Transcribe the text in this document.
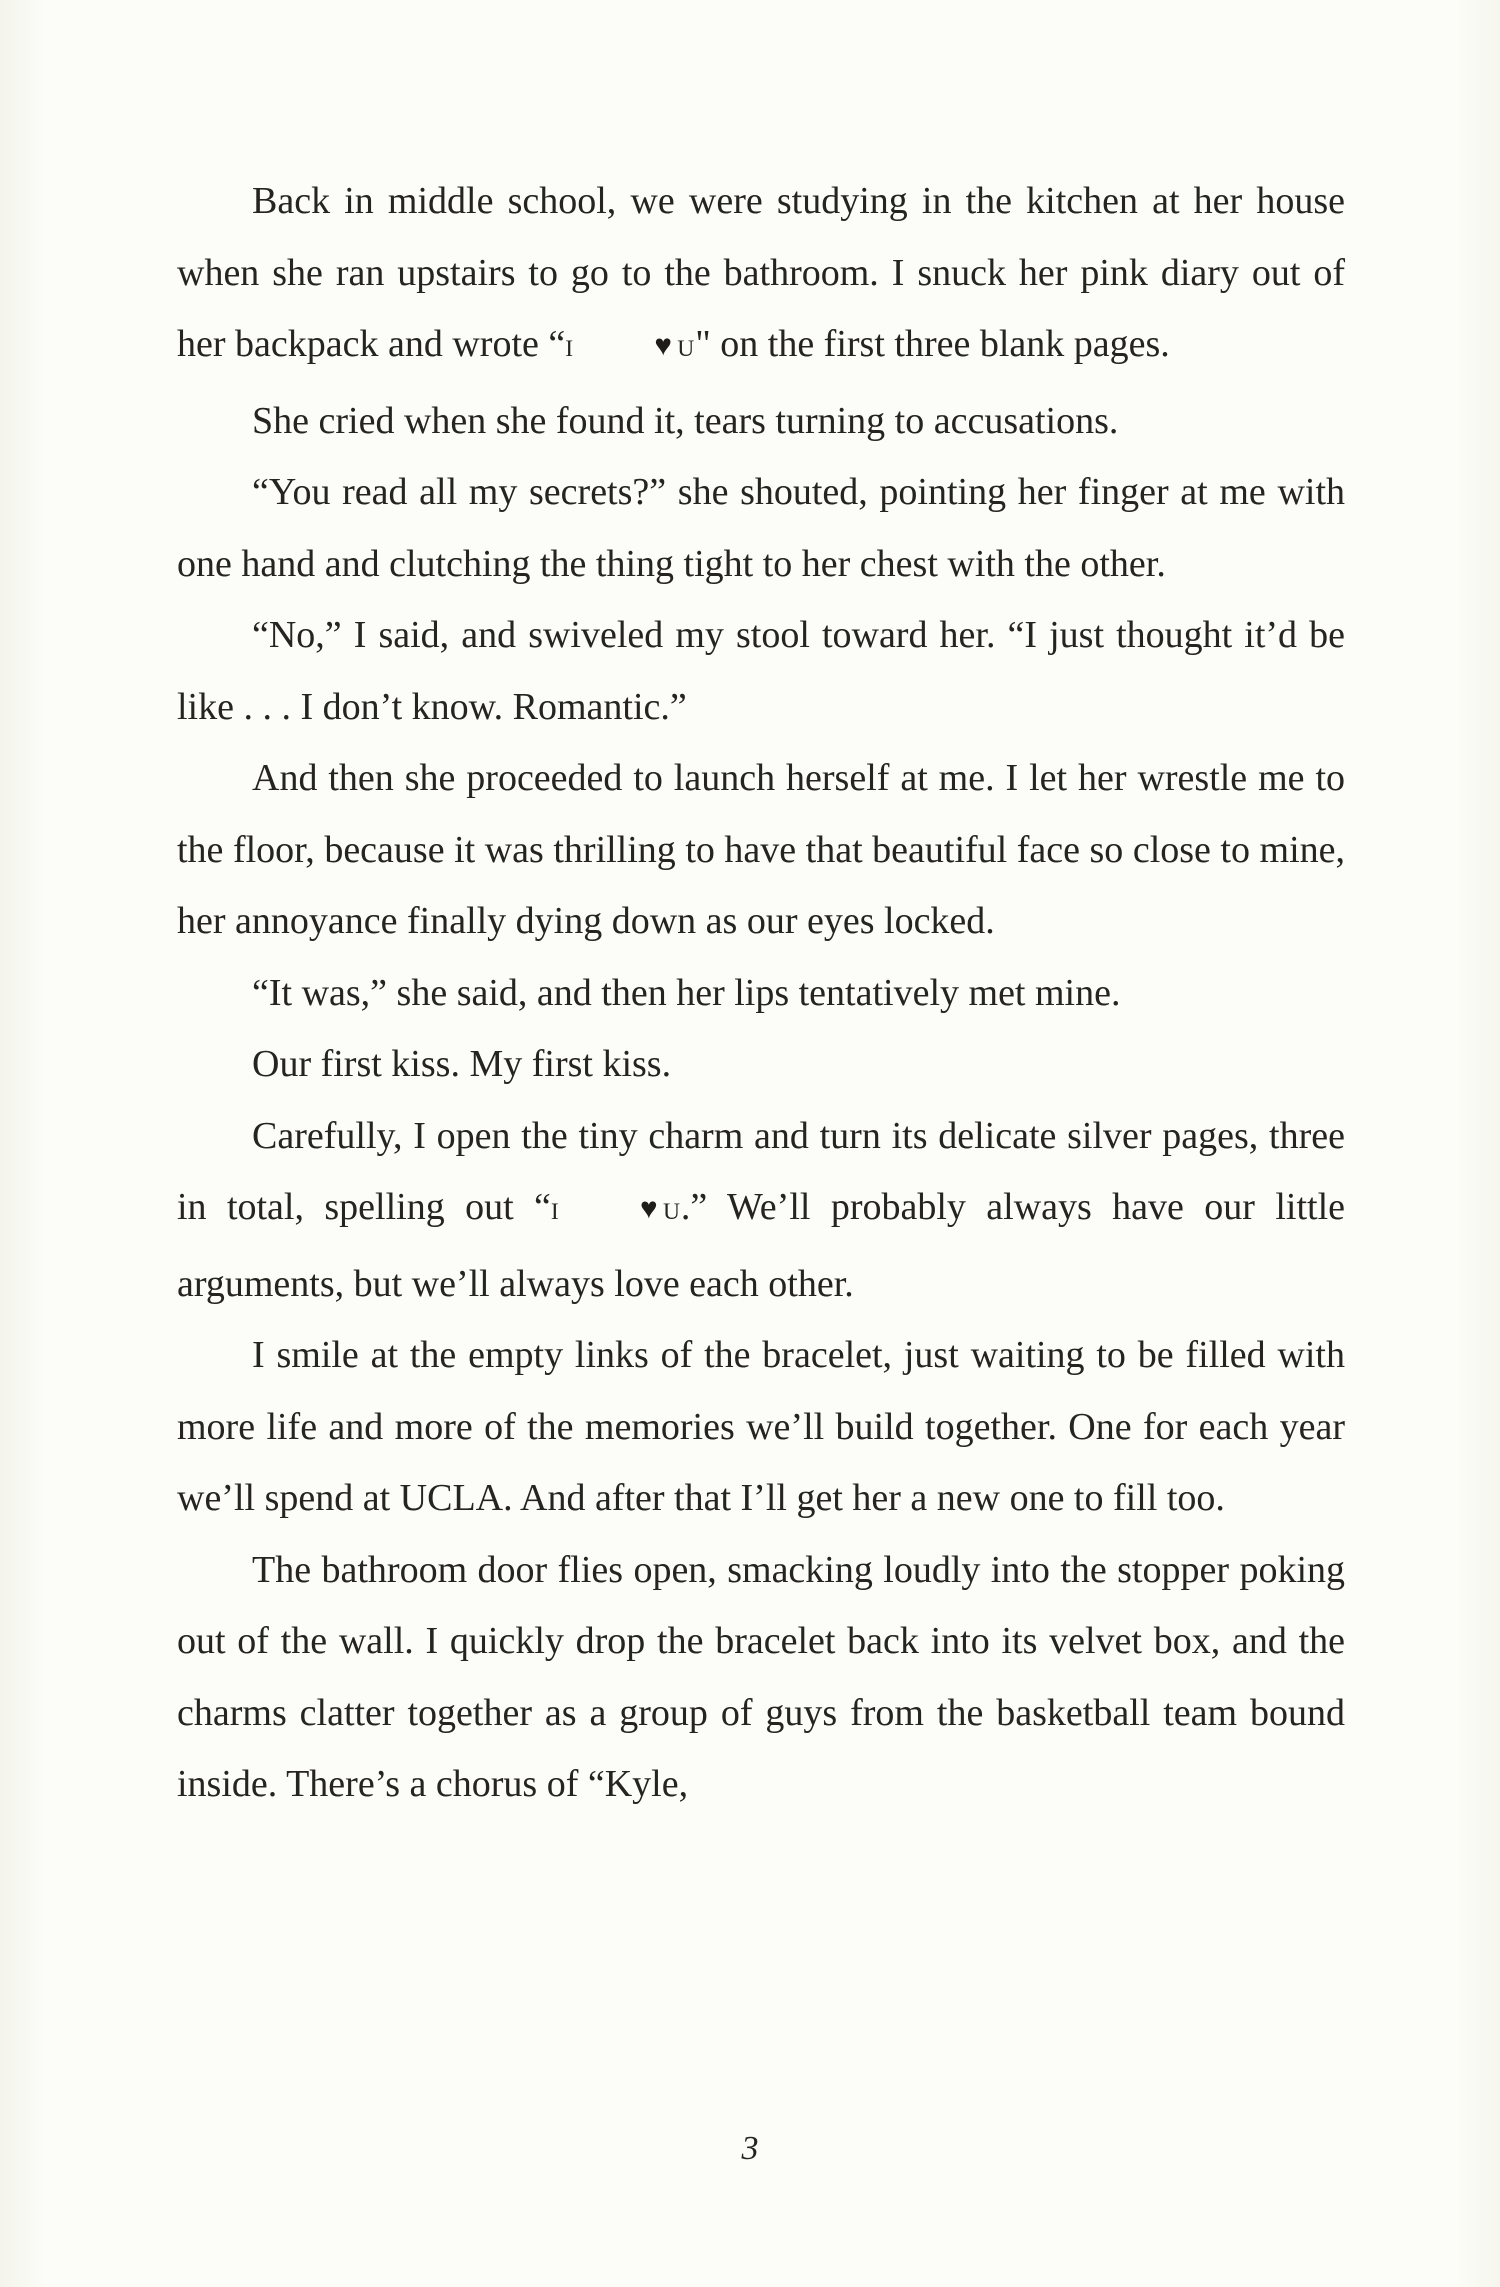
Back in middle school, we were studying in the kitchen at her house when she ran upstairs to go to the bathroom. I snuck her pink diary out of her backpack and wrote “I	♥ U" on the first three blank pages.

She cried when she found it, tears turning to accusations.

“You read all my secrets?” she shouted, pointing her finger at me with one hand and clutching the thing tight to her chest with the other.

“No,” I said, and swiveled my stool toward her. “I just thought it’d be like . . . I don’t know. Romantic.”

And then she proceeded to launch herself at me. I let her wrestle me to the floor, because it was thrilling to have that beautiful face so close to mine, her annoyance finally dying down as our eyes locked.

“It was,” she said, and then her lips tentatively met mine.

Our first kiss. My first kiss.

Carefully, I open the tiny charm and turn its delicate silver pages, three in total, spelling out “I	♥ U.” We’ll probably always have our little arguments, but we’ll always love each other.

I smile at the empty links of the bracelet, just waiting to be filled with more life and more of the memories we’ll build together. One for each year we’ll spend at UCLA. And after that I’ll get her a new one to fill too.

The bathroom door flies open, smacking loudly into the stopper poking out of the wall. I quickly drop the bracelet back into its velvet box, and the charms clatter together as a group of guys from the basketball team bound inside. There’s a chorus of “Kyle,

3
